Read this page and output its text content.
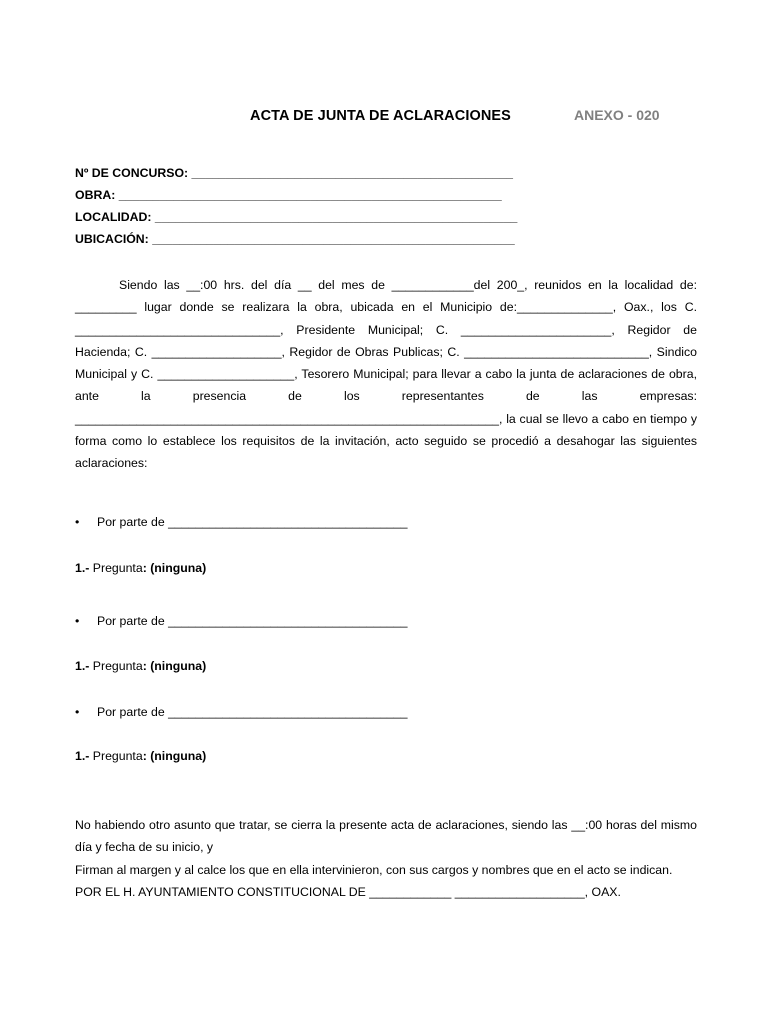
ACTA DE JUNTA DE ACLARACIONES	ANEXO - 020
Nº DE CONCURSO: _______________________________________________
OBRA: ________________________________________________________
LOCALIDAD: _____________________________________________________
UBICACIÓN: _____________________________________________________

Siendo las __:00 hrs. del día __ del mes de ____________del 200_, reunidos en la localidad de: _________ lugar donde se realizara la obra, ubicada en el Municipio de:______________, Oax., los C. ______________________________, Presidente Municipal; C. ______________________, Regidor de Hacienda; C. ___________________, Regidor de Obras Publicas; C. ___________________________, Sindico Municipal y C. ____________________, Tesorero Municipal; para llevar a cabo la junta de aclaraciones de obra, ante la presencia de los representantes de las empresas: ______________________________________________________________, la cual se llevo a cabo en tiempo y forma como lo establece los requisitos de la invitación, acto seguido se procedió a desahogar las siguientes aclaraciones:

• Por parte de ___________________________________
1.- Pregunta: (ninguna)
• Por parte de ___________________________________
1.- Pregunta: (ninguna)
• Por parte de ___________________________________
1.- Pregunta: (ninguna)
No habiendo otro asunto que tratar, se cierra la presente acta de aclaraciones, siendo las __:00 horas del mismo día y fecha de su inicio, y
Firman al margen y al calce los que en ella intervinieron, con sus cargos y nombres que en el acto se indican.
POR EL H. AYUNTAMIENTO CONSTITUCIONAL DE ____________ ___________________, OAX.
